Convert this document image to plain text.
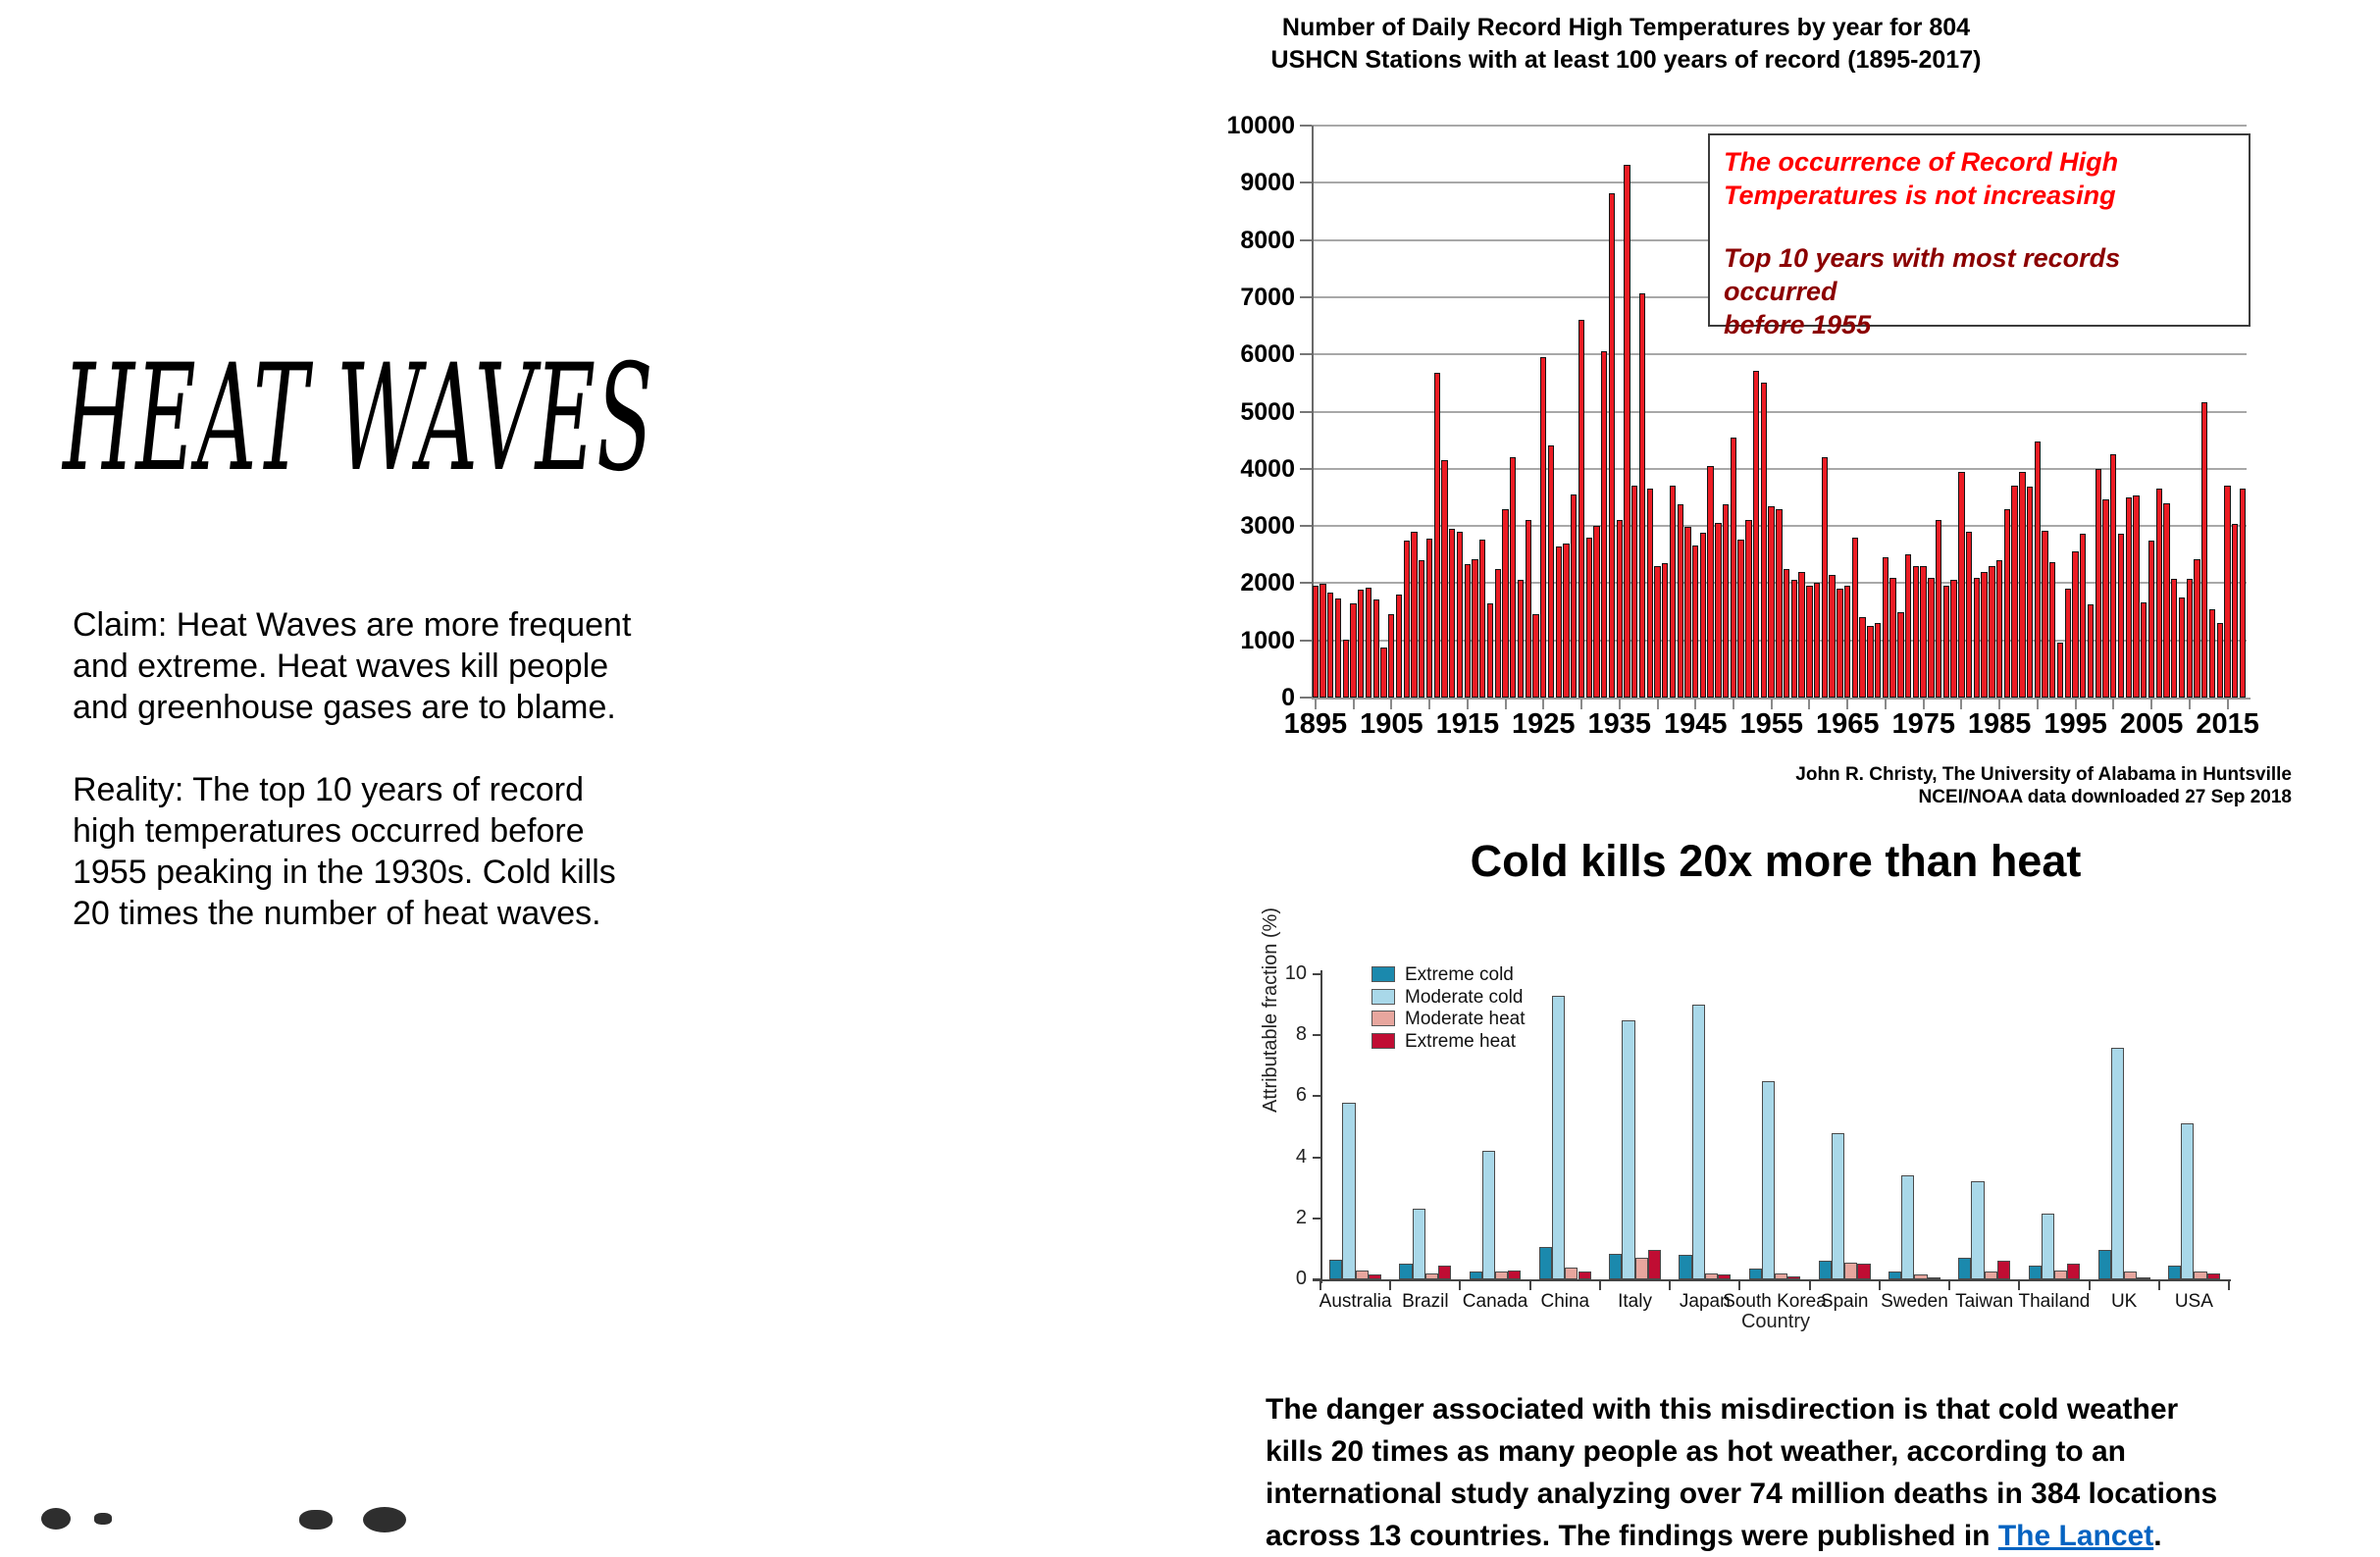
HEAT WAVES
Claim: Heat Waves are more frequent
and extreme. Heat waves kill people
and greenhouse gases are to blame.
Reality: The top 10 years of record
high temperatures occurred before
1955 peaking in the 1930s. Cold kills
20 times the number of heat waves.
Number of Daily Record High Temperatures by year for 804
USHCN Stations with at least 100 years of record (1895-2017)
0
1000
2000
3000
4000
5000
6000
7000
8000
9000
10000
1895 1905 1915 1925 1935 1945 1955 1965 1975 1985 1995 2005 2015
The occurrence of Record High
Temperatures is not increasing
Top 10 years with most records occurred
before 1955
John R. Christy, The University of Alabama in Huntsville
NCEI/NOAA data downloaded 27 Sep 2018
Cold kills 20x more than heat
Attributable fraction (%)
0
2
4
6
8
10
Australia Brazil Canada China	Italy	Japan
South Korea
Spain Sweden Taiwan Thailand	UK	USA
Extreme cold
Moderate cold
Moderate heat
Extreme heat
Country

The danger associated with this misdirection is that cold weather
kills 20 times as many people as hot weather, according to an
international study analyzing over 74 million deaths in 384 locations
across 13 countries. The findings were published in The Lancet.
